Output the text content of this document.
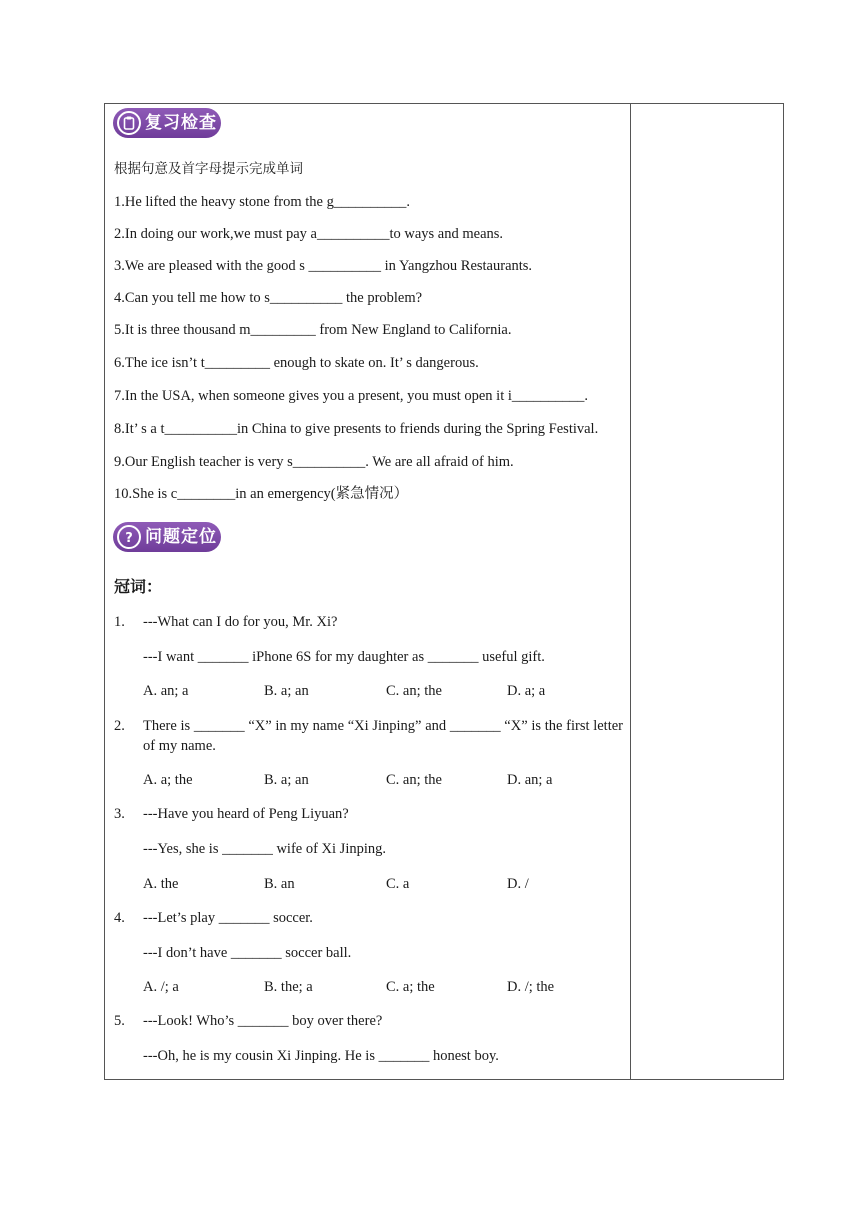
复习检查
根据句意及首字母提示完成单词
1.He lifted the heavy stone from the g__________.
2.In doing our work,we must pay a__________to ways and means.
3.We are pleased with the good s __________ in Yangzhou Restaurants.
4.Can you tell me how to s__________ the problem?
5.It is three thousand m_________ from New England to California.
6.The ice isn’t t_________ enough to skate on. It’ s dangerous.
7.In the USA, when someone gives you a present, you must open it i__________.
8.It’ s a t__________in China to give presents to friends during the Spring Festival.
9.Our English teacher is very s__________. We are all afraid of him.
10.She is c________in an emergency(紧急情况）
? 问题定位
冠词：
1. ---What can I do for you, Mr. Xi?
---I want _______ iPhone 6S for my daughter as _______ useful gift.
A. an; a	B. a; an	C. an; the	D. a; a
2. There is _______ “X” in my name “Xi Jinping” and _______ “X” is the first letter of my name.
A. a; the	B. a; an	C. an; the	D. an; a
3. ---Have you heard of Peng Liyuan?
---Yes, she is _______ wife of Xi Jinping.
A. the	B. an	C. a	D. /
4. ---Let’s play _______ soccer.
---I don’t have _______ soccer ball.
A. /; a	B. the; a	C. a; the	D. /; the
5. ---Look! Who’s _______ boy over there?
---Oh, he is my cousin Xi Jinping. He is _______ honest boy.
